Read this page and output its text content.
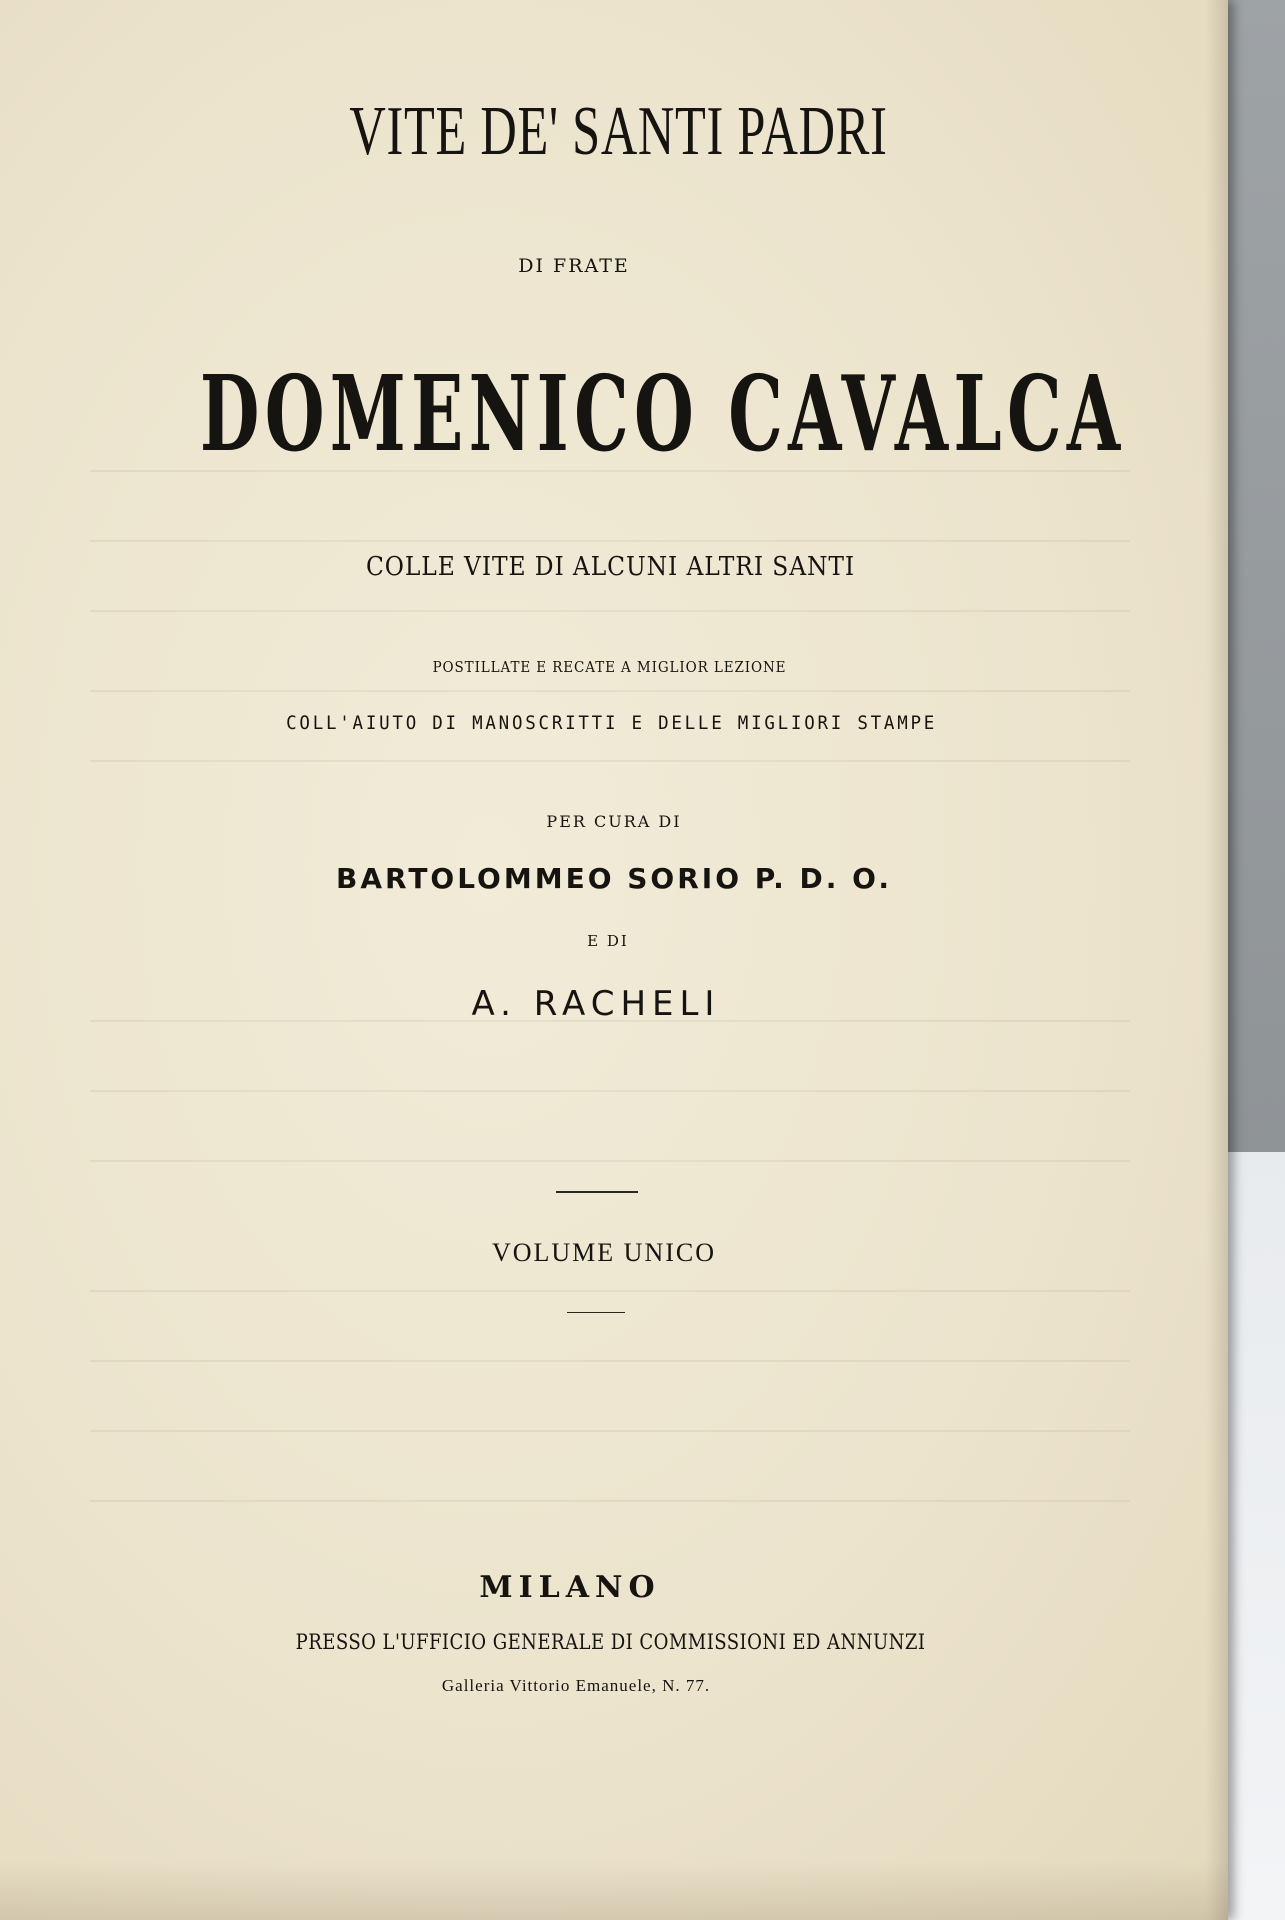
VITE DE' SANTI PADRI
DI FRATE
DOMENICO CAVALCA
COLLE VITE DI ALCUNI ALTRI SANTI
POSTILLATE E RECATE A MIGLIOR LEZIONE
COLL'AIUTO DI MANOSCRITTI E DELLE MIGLIORI STAMPE
PER CURA DI
BARTOLOMMEO SORIO P. D. O.
E DI
A. RACHELI
VOLUME UNICO
MILANO
PRESSO L'UFFICIO GENERALE DI COMMISSIONI ED ANNUNZI
Galleria Vittorio Emanuele, N. 77.
